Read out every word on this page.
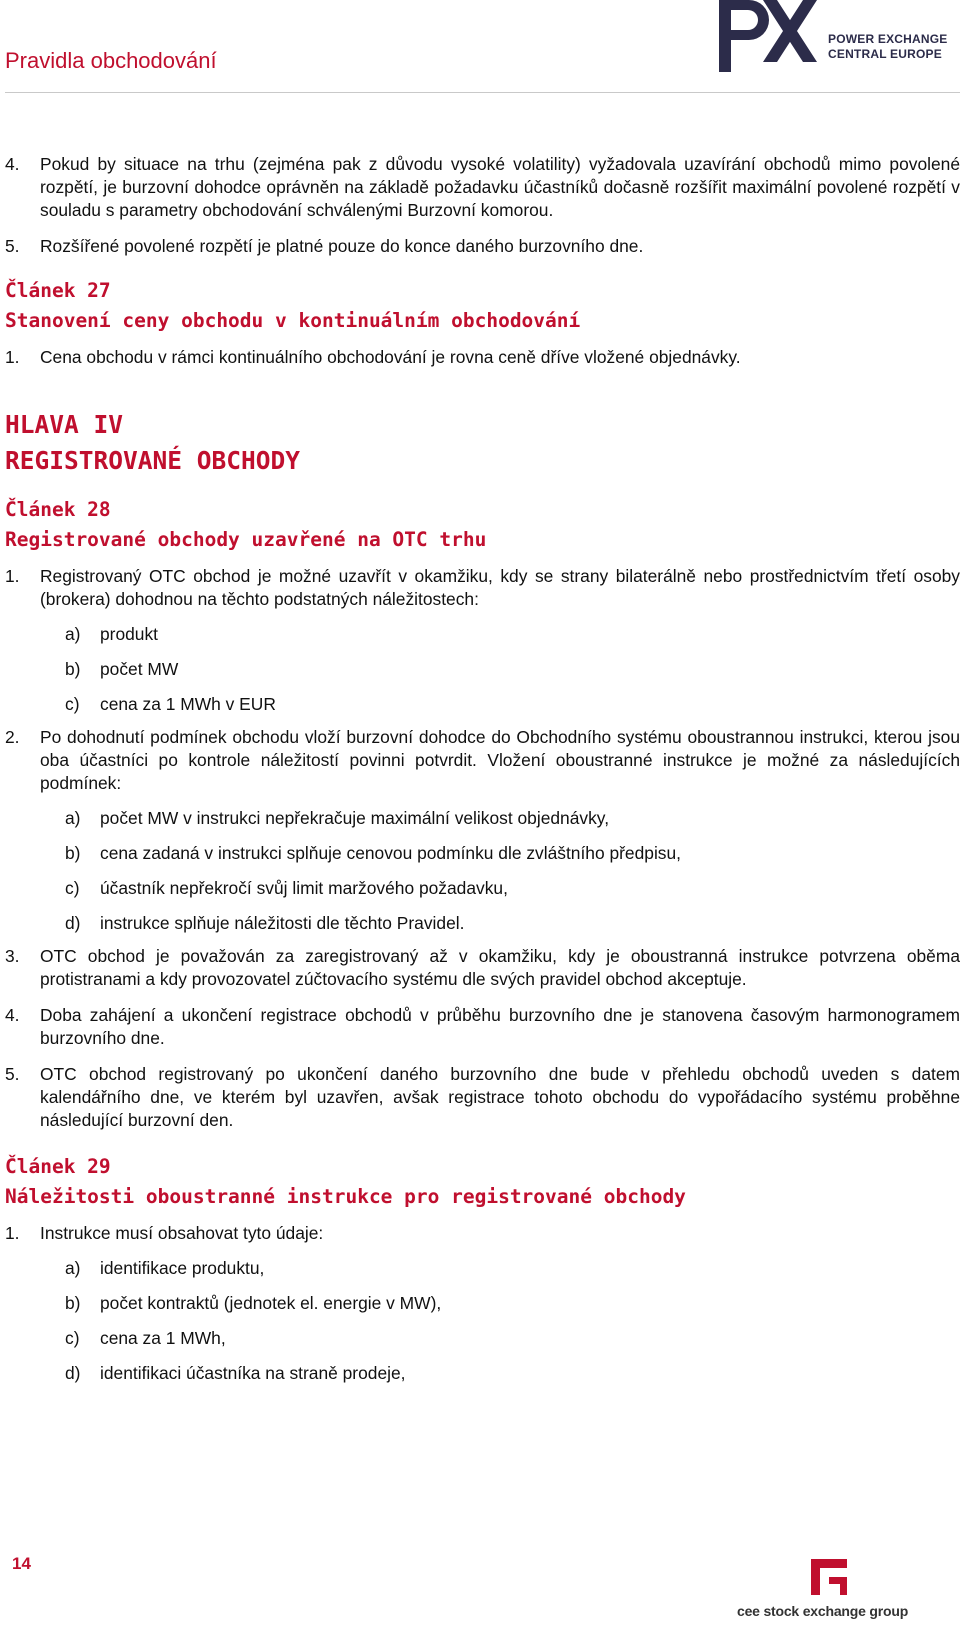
Pravidla obchodování
POWER EXCHANGE
CENTRAL EUROPE
4.	Pokud by situace na trhu (zejména pak z důvodu vysoké volatility) vyžadovala uzavírání obchodů mimo povolené rozpětí, je burzovní dohodce oprávněn na základě požadavku účastníků dočasně rozšířit maximální povolené rozpětí v souladu s parametry obchodování schválenými Burzovní komorou.
5.	Rozšířené povolené rozpětí je platné pouze do konce daného burzovního dne.
Článek 27
Stanovení ceny obchodu v kontinuálním obchodování
1.	Cena obchodu v rámci kontinuálního obchodování je rovna ceně dříve vložené objednávky.
HLAVA IV
REGISTROVANÉ OBCHODY
Článek 28
Registrované obchody uzavřené na OTC trhu
1.	Registrovaný OTC obchod je možné uzavřít v okamžiku, kdy se strany bilaterálně nebo prostřednictvím třetí osoby (brokera) dohodnou na těchto podstatných náležitostech:
a)	produkt
b)	počet MW
c)	cena za 1 MWh v EUR
2.	Po dohodnutí podmínek obchodu vloží burzovní dohodce do Obchodního systému oboustrannou instrukci, kterou jsou oba účastníci po kontrole náležitostí povinni potvrdit. Vložení oboustranné instrukce je možné za následujících podmínek:
a)	počet MW v instrukci nepřekračuje maximální velikost objednávky,
b)	cena zadaná v instrukci splňuje cenovou podmínku dle zvláštního předpisu,
c)	účastník nepřekročí svůj limit maržového požadavku,
d)	instrukce splňuje náležitosti dle těchto Pravidel.
3.	OTC obchod je považován za zaregistrovaný až v okamžiku, kdy je oboustranná instrukce potvrzena oběma protistranami a kdy provozovatel zúčtovacího systému dle svých pravidel obchod akceptuje.
4.	Doba zahájení a ukončení registrace obchodů v průběhu burzovního dne je stanovena časovým harmonogramem burzovního dne.
5.	OTC obchod registrovaný po ukončení daného burzovního dne bude v přehledu obchodů uveden s datem kalendářního dne, ve kterém byl uzavřen, avšak registrace tohoto obchodu do vypořádacího systému proběhne následující burzovní den.
Článek 29
Náležitosti oboustranné instrukce pro registrované obchody
1.	Instrukce musí obsahovat tyto údaje:
a)	identifikace produktu,
b)	počet kontraktů (jednotek el. energie v MW),
c)	cena za 1 MWh,
d)	identifikaci účastníka na straně prodeje,
14
cee stock exchange group
